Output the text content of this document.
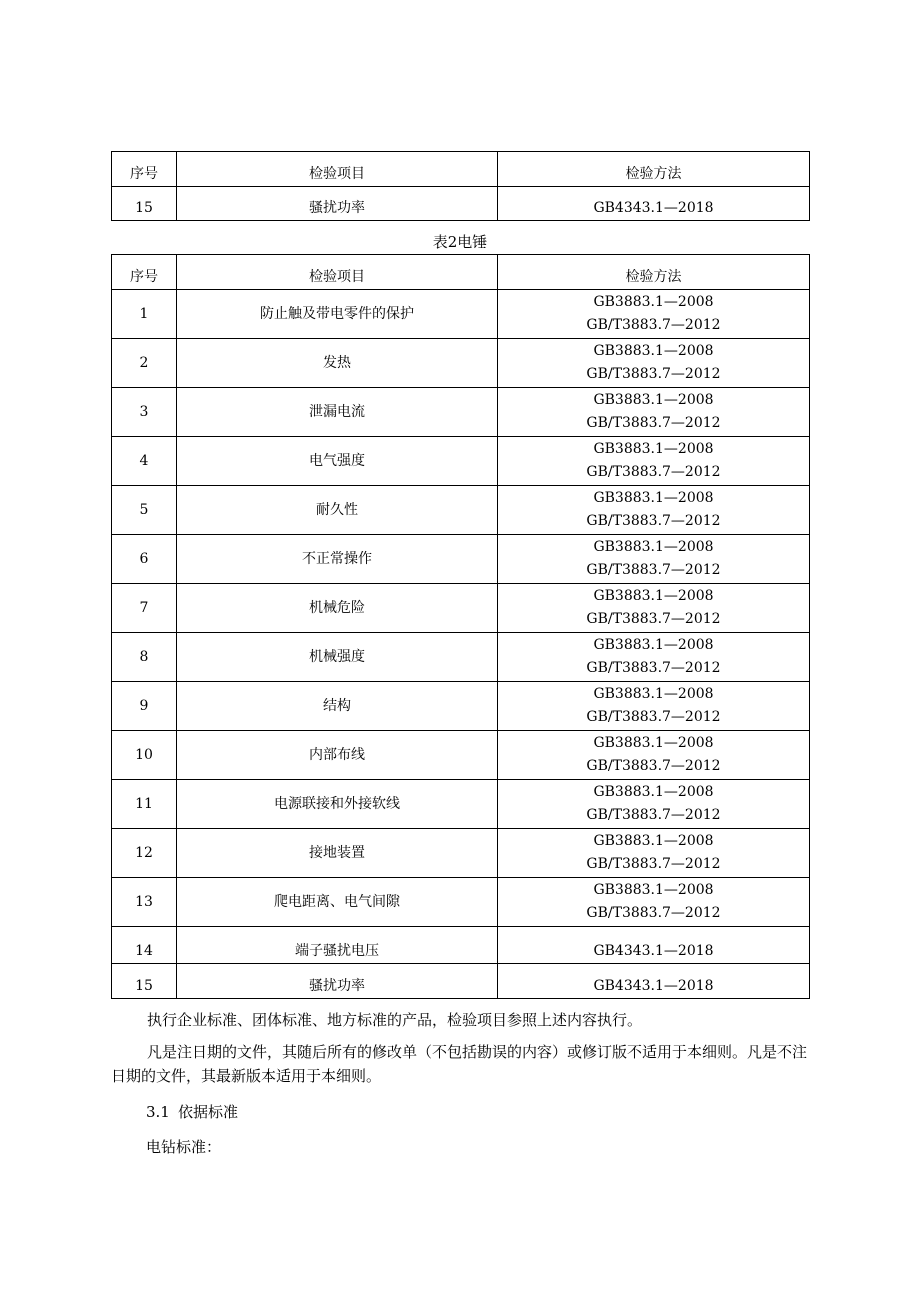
序号	检验项目	检验方法
15	骚扰功率	GB4343.1—2018
表2电锤
序号	检验项目	检验方法
1	防止触及带电零件的保护	GB3883.1—2008
GB/T3883.7—2012

2	发热	GB3883.1—2008
GB/T3883.7—2012

3	泄漏电流	GB3883.1—2008
GB/T3883.7—2012

4	电气强度	GB3883.1—2008
GB/T3883.7—2012

5	耐久性	GB3883.1—2008
GB/T3883.7—2012

6	不正常操作	GB3883.1—2008
GB/T3883.7—2012

7	机械危险	GB3883.1—2008
GB/T3883.7—2012

8	机械强度	GB3883.1—2008
GB/T3883.7—2012

9	结构	GB3883.1—2008
GB/T3883.7—2012

10	内部布线	GB3883.1—2008
GB/T3883.7—2012

11	电源联接和外接软线	GB3883.1—2008
GB/T3883.7—2012

12	接地装置	GB3883.1—2008
GB/T3883.7—2012

13	爬电距离、电气间隙	GB3883.1—2008
GB/T3883.7—2012

14	端子骚扰电压	GB4343.1—2018

15	骚扰功率	GB4343.1—2018
执行企业标准、团体标准、地方标准的产品，检验项目参照上述内容执行。
凡是注日期的文件，其随后所有的修改单（不包括勘误的内容）或修订版不适用于本细则。凡是不注日期的文件，其最新版本适用于本细则。
3.1 依据标准
电钻标准：
